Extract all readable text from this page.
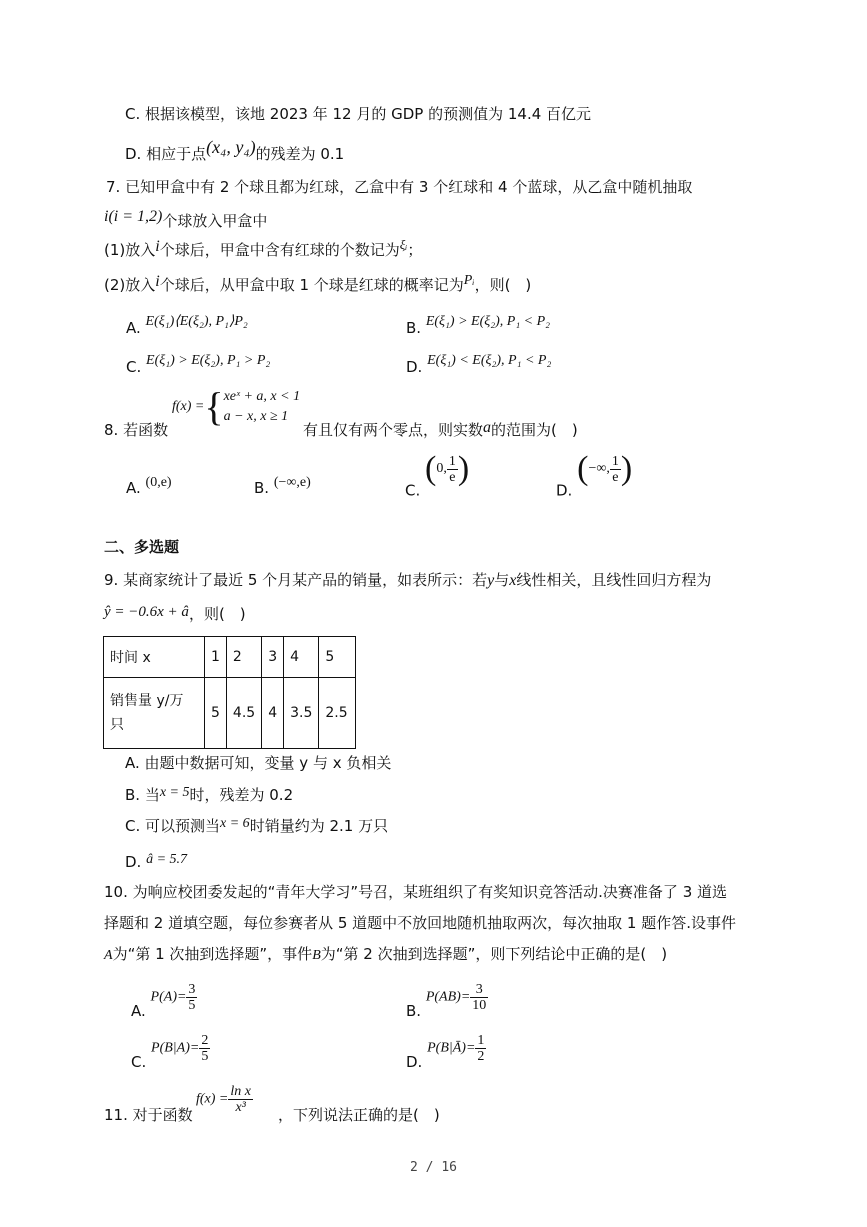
C. 根据该模型，该地 2023 年 12 月的 GDP 的预测值为 14.4 百亿元
D. 相应于点(x₄, y₄)的残差为 0.1
7. 已知甲盒中有 2 个球且都为红球，乙盒中有 3 个红球和 4 个蓝球，从乙盒中随机抽取
i(i = 1,2)个球放入甲盒中
(1)放入i个球后，甲盒中含有红球的个数记为ξᵢ；
(2)放入i个球后，从甲盒中取 1 个球是红球的概率记为Pᵢ，则(　)
A. E(ξ₁)⟨E(ξ₂), P₁⟩P₂	B. E(ξ₁) > E(ξ₂), P₁ < P₂
C. E(ξ₁) > E(ξ₂), P₁ > P₂	D. E(ξ₁) < E(ξ₂), P₁ < P₂
8. 若函数
f(x) ={ xeˣ + a, x < 1
a − x, x ≥ 1
有且仅有两个零点，则实数a的范围为(　)
A. (0,e)	B. (−∞,e)	C. (0, $\frac{1}{e}$ )
D. (−∞, $\frac{1}{e}$ )
二、多选题
9. 某商家统计了最近 5 个月某产品的销量，如表所示：若y与x线性相关，且线性回归方程为
ŷ = −0.6x + â，则(　)
时间 x	1	2	3	4	5

销售量 y/万
只	5	4.5	4	3.5	2.5
A. 由题中数据可知，变量 y 与 x 负相关
B. 当x = 5时，残差为 0.2
C. 可以预测当x = 6时销量约为 2.1 万只
D. â = 5.7
10. 为响应校团委发起的“青年大学习”号召，某班组织了有奖知识竞答活动.决赛准备了 3 道选
择题和 2 道填空题，每位参赛者从 5 道题中不放回地随机抽取两次，每次抽取 1 题作答.设事件
A为“第 1 次抽到选择题”，事件B为“第 2 次抽到选择题”，则下列结论中正确的是(　)
A. $P(A)= \frac{3}{5}$	B. $P(AB)= \frac{3}{10}$
C. $P(B|A)= \frac{2}{5}$	D. P(B|Ā)= $\frac{1}{2}$
11. 对于函数
$f(x) = \frac{\text{ln x}}{\text{x³}}$ ，下列说法正确的是(　)
2 / 16
